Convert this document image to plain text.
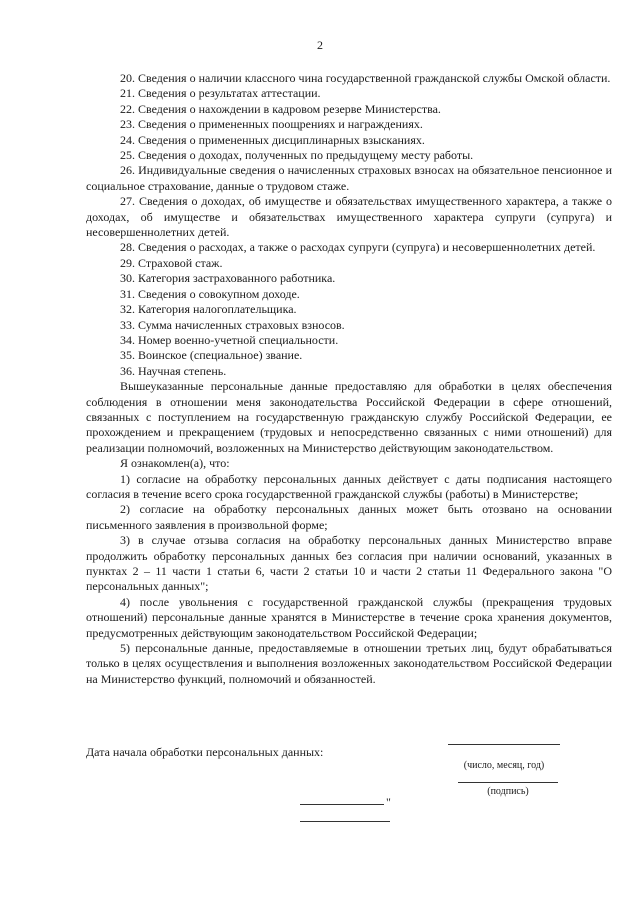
2

20. Сведения о наличии классного чина государственной гражданской службы Омской области.

21. Сведения о результатах аттестации.

22. Сведения о нахождении в кадровом резерве Министерства.

23. Сведения о примененных поощрениях и награждениях.

24. Сведения о примененных дисциплинарных взысканиях.

25. Сведения о доходах, полученных по предыдущему месту работы.

26. Индивидуальные сведения о начисленных страховых взносах на обязательное пенсионное и социальное страхование, данные о трудовом стаже.

27. Сведения о доходах, об имуществе и обязательствах имущественного характера, а также о доходах, об имуществе и обязательствах имущественного характера супруги (супруга) и несовершеннолетних детей.

28. Сведения о расходах, а также о расходах супруги (супруга) и несовершеннолетних детей.

29. Страховой стаж.

30. Категория застрахованного работника.

31. Сведения о совокупном доходе.

32. Категория налогоплательщика.

33. Сумма начисленных страховых взносов.

34. Номер военно-учетной специальности.

35. Воинское (специальное) звание.

36. Научная степень.

Вышеуказанные персональные данные предоставляю для обработки в целях обеспечения соблюдения в отношении меня законодательства Российской Федерации в сфере отношений, связанных с поступлением на государственную гражданскую службу Российской Федерации, ее прохождением и прекращением (трудовых и непосредственно связанных с ними отношений) для реализации полномочий, возложенных на Министерство действующим законодательством.

Я ознакомлен(а), что:

1) согласие на обработку персональных данных действует с даты подписания настоящего согласия в течение всего срока государственной гражданской службы (работы) в Министерстве;

2) согласие на обработку персональных данных может быть отозвано на основании письменного заявления в произвольной форме;

3) в случае отзыва согласия на обработку персональных данных Министерство вправе продолжить обработку персональных данных без согласия при наличии оснований, указанных в пунктах 2 – 11 части 1 статьи 6, части 2 статьи 10 и части 2 статьи 11 Федерального закона "О персональных данных";

4) после увольнения с государственной гражданской службы (прекращения трудовых отношений) персональные данные хранятся в Министерстве в течение срока хранения документов, предусмотренных действующим законодательством Российской Федерации;

5) персональные данные, предоставляемые в отношении третьих лиц, будут обрабатываться только в целях осуществления и выполнения возложенных законодательством Российской Федерации на Министерство функций, полномочий и обязанностей.

Дата начала обработки персональных данных:
(число, месяц, год)
(подпись)
"
